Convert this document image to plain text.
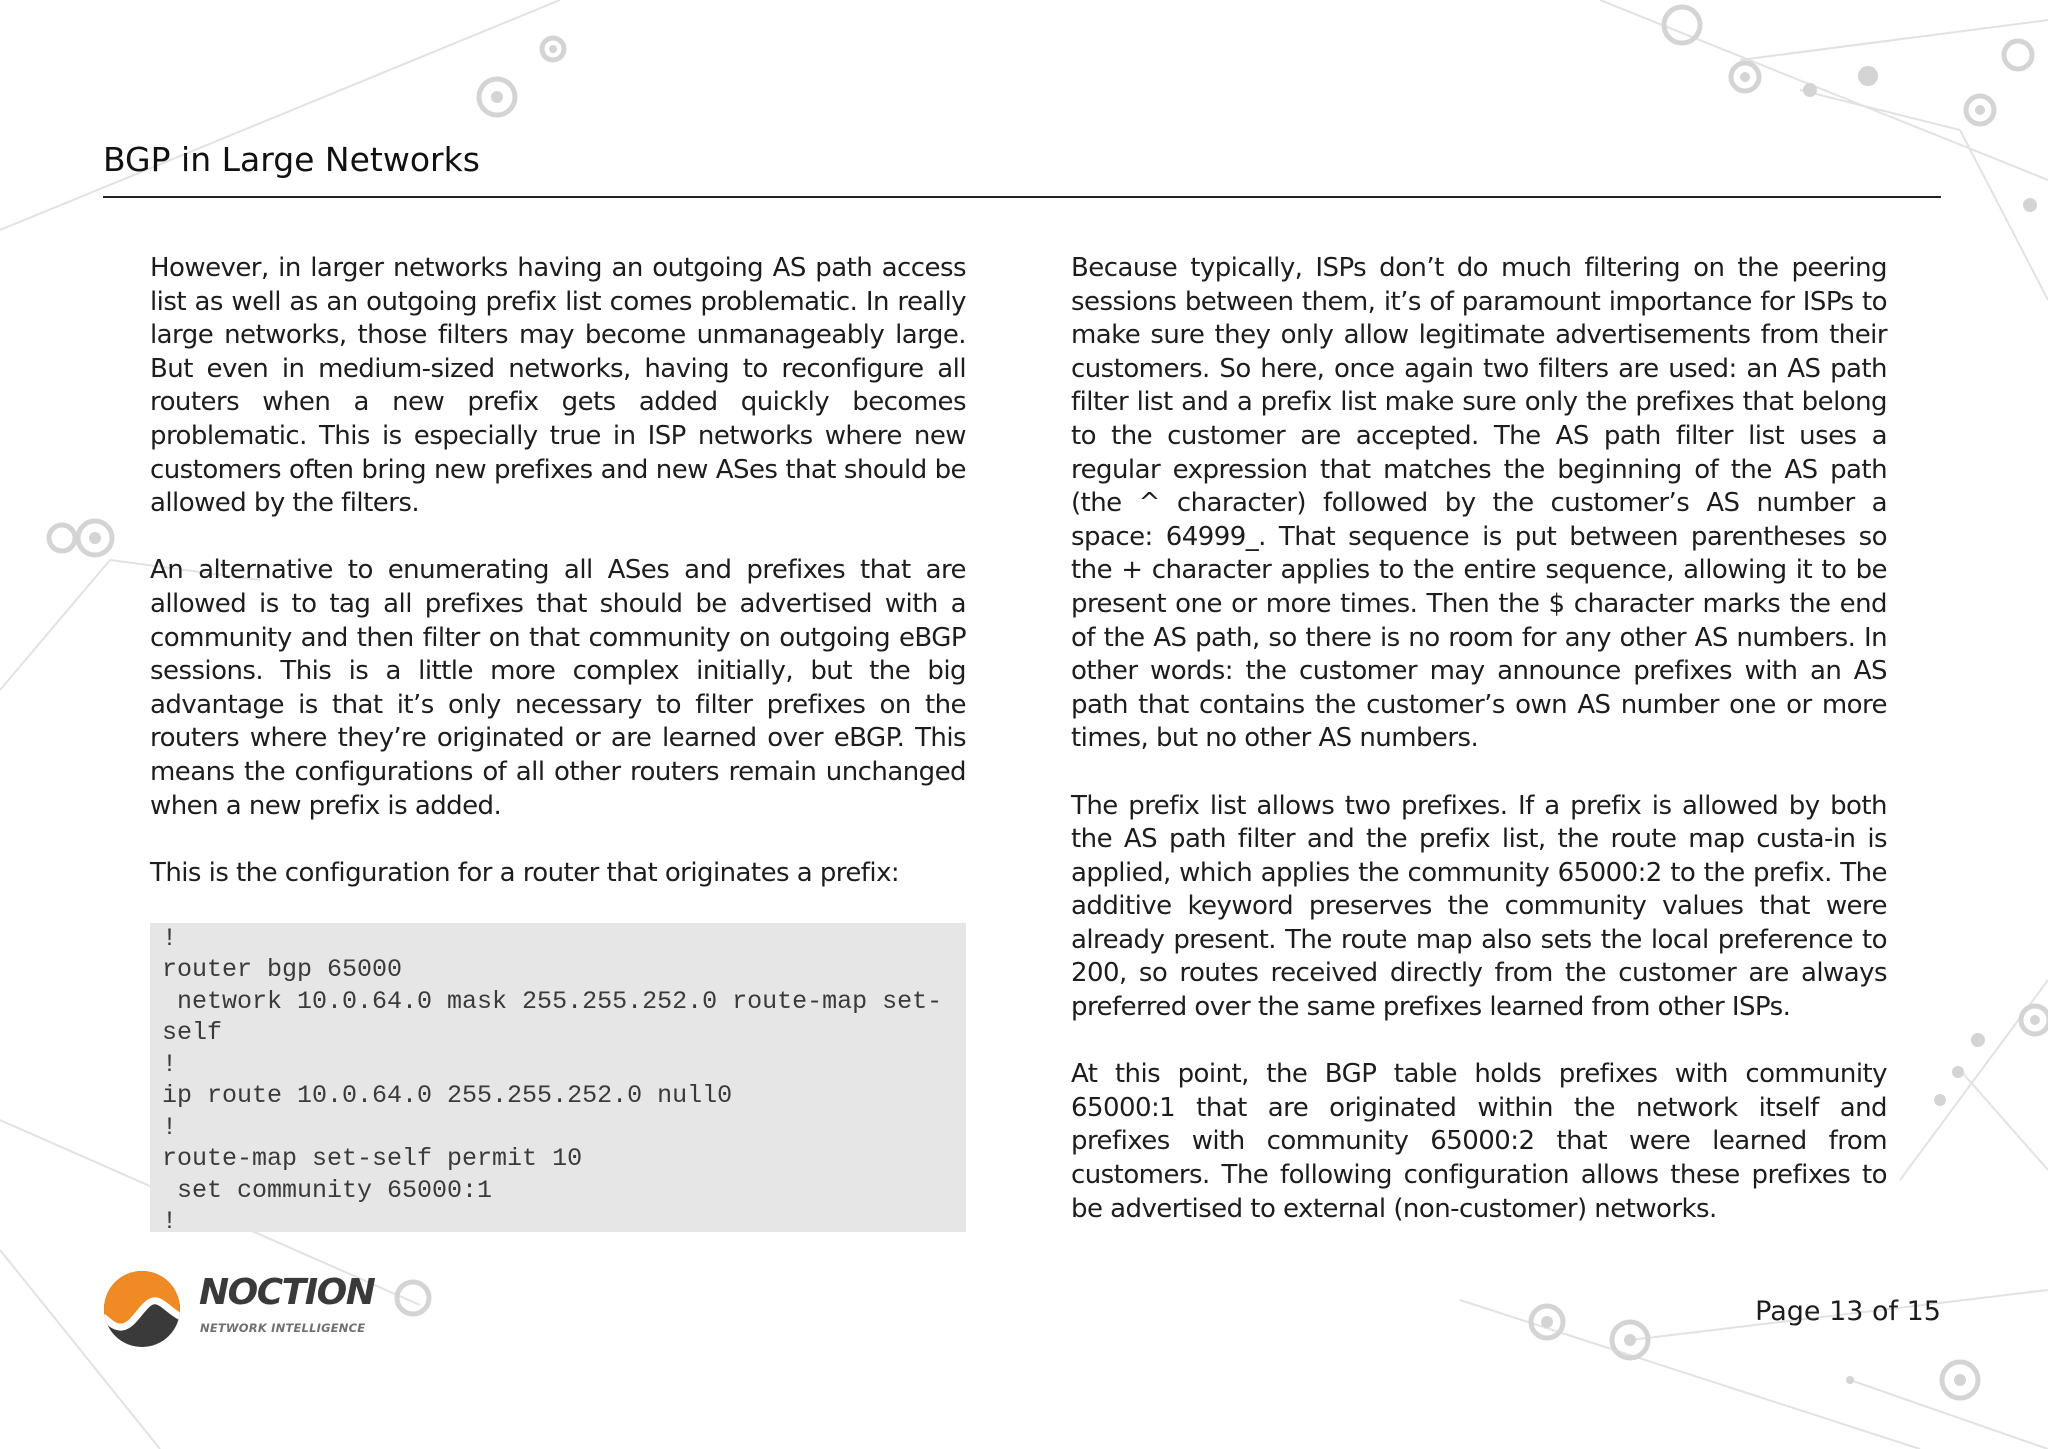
BGP in Large Networks

However, in larger networks having an outgoing AS path access list as well as an outgoing prefix list comes problematic. In really large networks, those filters may become unmanageably large. But even in medium-sized networks, having to reconfigure all routers when a new prefix gets added quickly becomes problematic. This is especially true in ISP networks where new customers often bring new prefixes and new ASes that should be allowed by the filters.

An alternative to enumerating all ASes and prefixes that are allowed is to tag all prefixes that should be advertised with a community and then filter on that community on outgoing eBGP sessions. This is a little more complex initially, but the big advantage is that it’s only necessary to filter prefixes on the routers where they’re originated or are learned over eBGP. This means the configurations of all other routers remain unchanged when a new prefix is added.

This is the configuration for a router that originates a prefix:

!
router bgp 65000
network 10.0.64.0 mask 255.255.252.0 route-map set-
self
!
ip route 10.0.64.0 255.255.252.0 null0
!
route-map set-self permit 10
set community 65000:1
!

Because typically, ISPs don’t do much filtering on the peering sessions between them, it’s of paramount importance for ISPs to make sure they only allow legitimate advertisements from their customers. So here, once again two filters are used: an AS path filter list and a prefix list make sure only the prefixes that belong to the customer are accepted. The AS path filter list uses a regular expression that matches the beginning of the AS path (the ^ character) followed by the customer’s AS number a space: 64999_. That sequence is put between parentheses so the + character applies to the entire sequence, allowing it to be present one or more times. Then the $ character marks the end of the AS path, so there is no room for any other AS numbers. In other words: the customer may announce prefixes with an AS path that contains the customer’s own AS number one or more times, but no other AS numbers.

The prefix list allows two prefixes. If a prefix is allowed by both the AS path filter and the prefix list, the route map custa-in is applied, which applies the community 65000:2 to the prefix. The additive keyword preserves the community values that were already present. The route map also sets the local preference to 200, so routes received directly from the customer are always preferred over the same prefixes learned from other ISPs.

At this point, the BGP table holds prefixes with community 65000:1 that are originated within the network itself and prefixes with community 65000:2 that were learned from customers. The following configuration allows these prefixes to be advertised to external (non-customer) networks.

NOCTION
NETWORK INTELLIGENCE
Page 13 of 15
